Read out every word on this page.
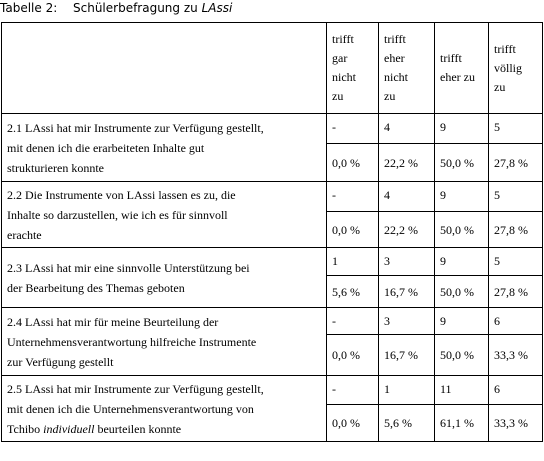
Tabelle 2: Schülerbefragung zu LAssi
	trifft
gar
nicht
zu	trifft
eher
nicht
zu	trifft
eher zu	trifft
völlig
zu
2.1 LAssi hat mir Instrumente zur Verfügung gestellt,
mit denen ich die erarbeiteten Inhalte gut
strukturieren konnte	-	4	9	5
	0,0 %	22,2 %	50,0 %	27,8 %
2.2 Die Instrumente von LAssi lassen es zu, die
Inhalte so darzustellen, wie ich es für sinnvoll
erachte	-	4	9	5
	0,0 %	22,2 %	50,0 %	27,8 %
2.3 LAssi hat mir eine sinnvolle Unterstützung bei
der Bearbeitung des Themas geboten	1	3	9	5
	5,6 %	16,7 %	50,0 %	27,8 %
2.4 LAssi hat mir für meine Beurteilung der
Unternehmensverantwortung hilfreiche Instrumente
zur Verfügung gestellt	-	3	9	6
	0,0 %	16,7 %	50,0 %	33,3 %
2.5 LAssi hat mir Instrumente zur Verfügung gestellt,
mit denen ich die Unternehmensverantwortung von
Tchibo individuell beurteilen konnte	-	1	11	6
	0,0 %	5,6 %	61,1 %	33,3 %
